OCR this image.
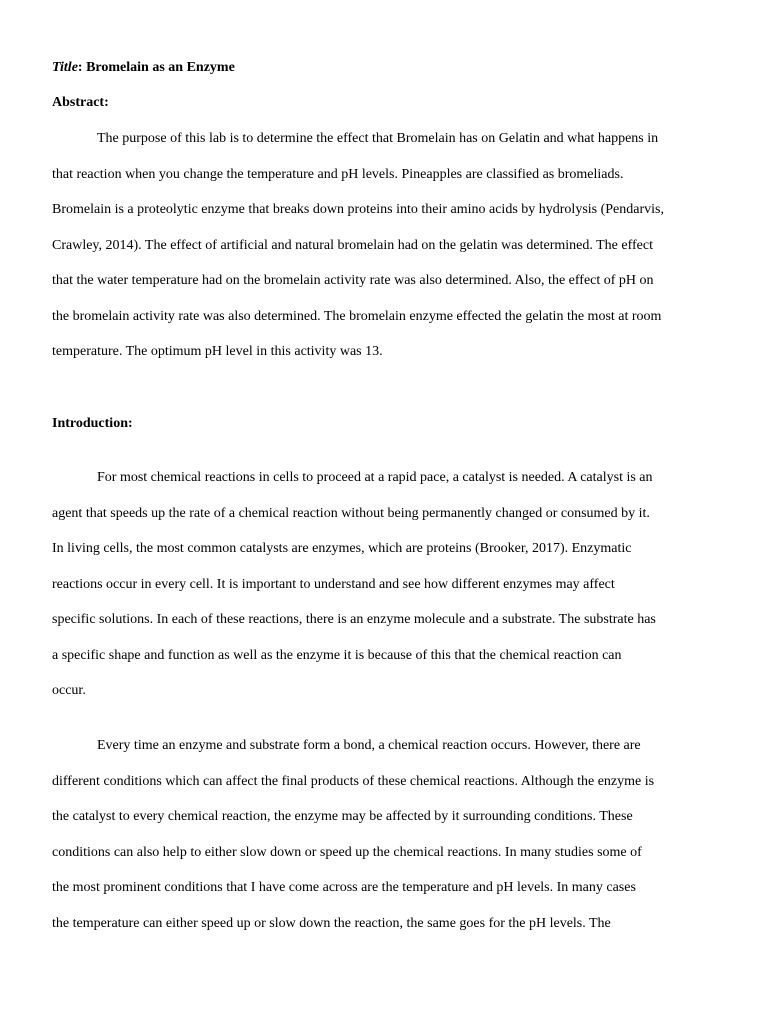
Title: Bromelain as an Enzyme
Abstract:
The purpose of this lab is to determine the effect that Bromelain has on Gelatin and what happens in
that reaction when you change the temperature and pH levels. Pineapples are classified as bromeliads.
Bromelain is a proteolytic enzyme that breaks down proteins into their amino acids by hydrolysis (Pendarvis,
Crawley, 2014). The effect of artificial and natural bromelain had on the gelatin was determined. The effect
that the water temperature had on the bromelain activity rate was also determined. Also, the effect of pH on
the bromelain activity rate was also determined. The bromelain enzyme effected the gelatin the most at room
temperature. The optimum pH level in this activity was 13.
Introduction:
For most chemical reactions in cells to proceed at a rapid pace, a catalyst is needed. A catalyst is an
agent that speeds up the rate of a chemical reaction without being permanently changed or consumed by it.
In living cells, the most common catalysts are enzymes, which are proteins (Brooker, 2017). Enzymatic
reactions occur in every cell. It is important to understand and see how different enzymes may affect
specific solutions. In each of these reactions, there is an enzyme molecule and a substrate. The substrate has
a specific shape and function as well as the enzyme it is because of this that the chemical reaction can
occur.
Every time an enzyme and substrate form a bond, a chemical reaction occurs. However, there are
different conditions which can affect the final products of these chemical reactions. Although the enzyme is
the catalyst to every chemical reaction, the enzyme may be affected by it surrounding conditions. These
conditions can also help to either slow down or speed up the chemical reactions. In many studies some of
the most prominent conditions that I have come across are the temperature and pH levels. In many cases
the temperature can either speed up or slow down the reaction, the same goes for the pH levels. The
